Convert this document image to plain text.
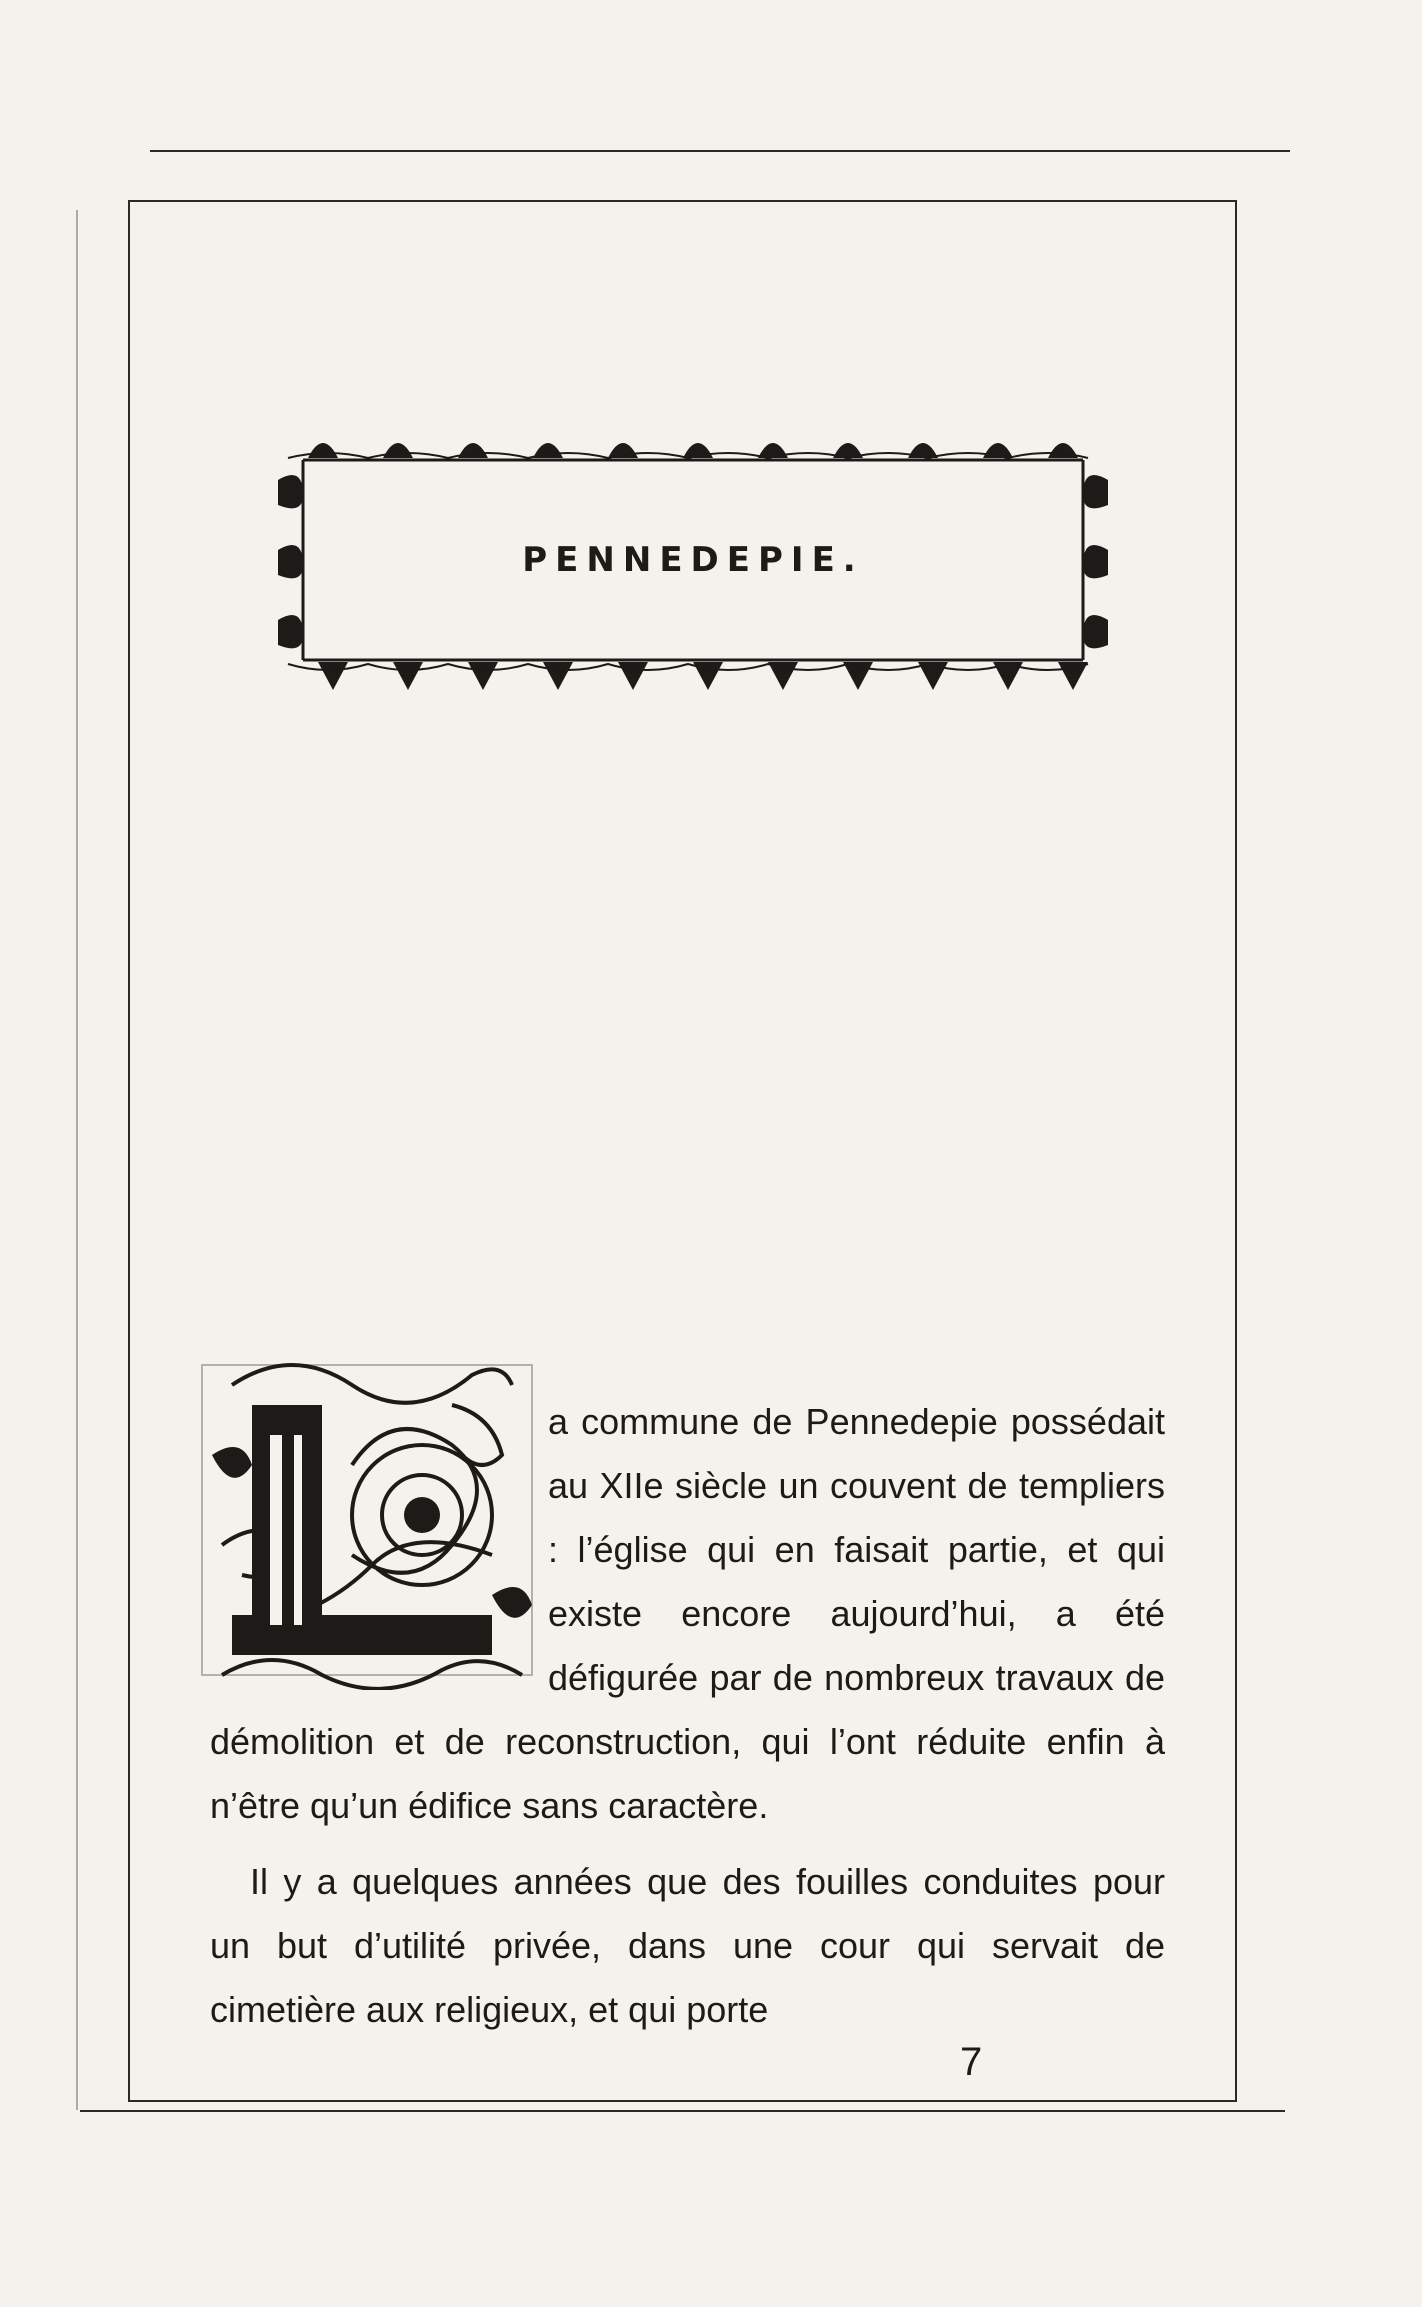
PENNEDEPIE.

a commune de Pennedepie possédait au XIIe siècle un couvent de templiers : l’église qui en faisait partie, et qui existe encore aujourd’hui, a été défigurée par de nombreux travaux de démolition et de reconstruction, qui l’ont réduite enfin à n’être qu’un édifice sans caractère.

Il y a quelques années que des fouilles conduites pour un but d’utilité privée, dans une cour qui servait de cimetière aux religieux, et qui porte

7
